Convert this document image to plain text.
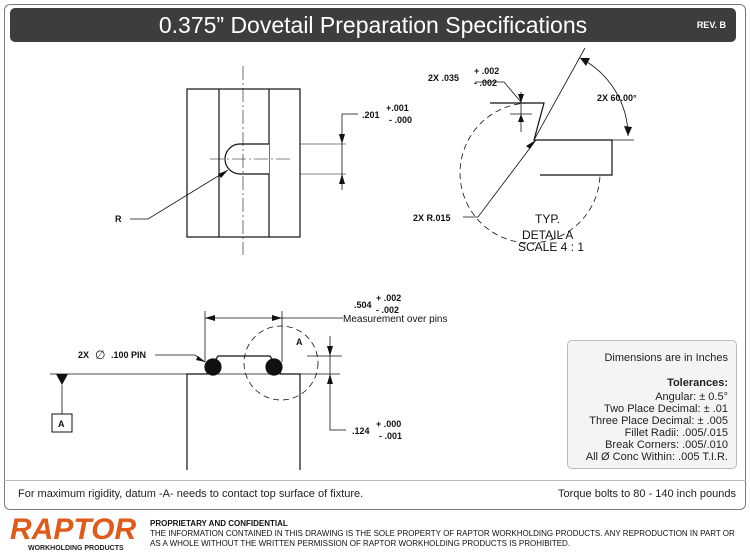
0.375” Dovetail Preparation Specifications	REV. B
R
.201
+.001
- .000
2X .035
+ .002
- .002
2X 60.00°
2X R.015	TYP.
DETAIL A
SCALE 4 : 1
2X ∅ .100 PIN
.504
+ .002
- .002
Measurement over pins
A
A
.124
+ .000
- .001
Dimensions are in Inches
Tolerances:
Angular: ± 0.5°
Two Place Decimal: ± .01
Three Place Decimal: ± .005
Fillet Radii: .005/.015
Break Corners: .005/.010
All Ø Conc Within: .005 T.I.R.
For maximum rigidity, datum -A- needs to contact top surface of fixture.	Torque bolts to 80 - 140 inch pounds
RAPTOR
WORKHOLDING PRODUCTS
PROPRIETARY AND CONFIDENTIAL
THE INFORMATION CONTAINED IN THIS DRAWING IS THE SOLE PROPERTY OF RAPTOR WORKHOLDING PRODUCTS. ANY REPRODUCTION IN PART OR AS A WHOLE WITHOUT THE WRITTEN PERMISSION OF RAPTOR WORKHOLDING PRODUCTS IS PROHIBITED.
